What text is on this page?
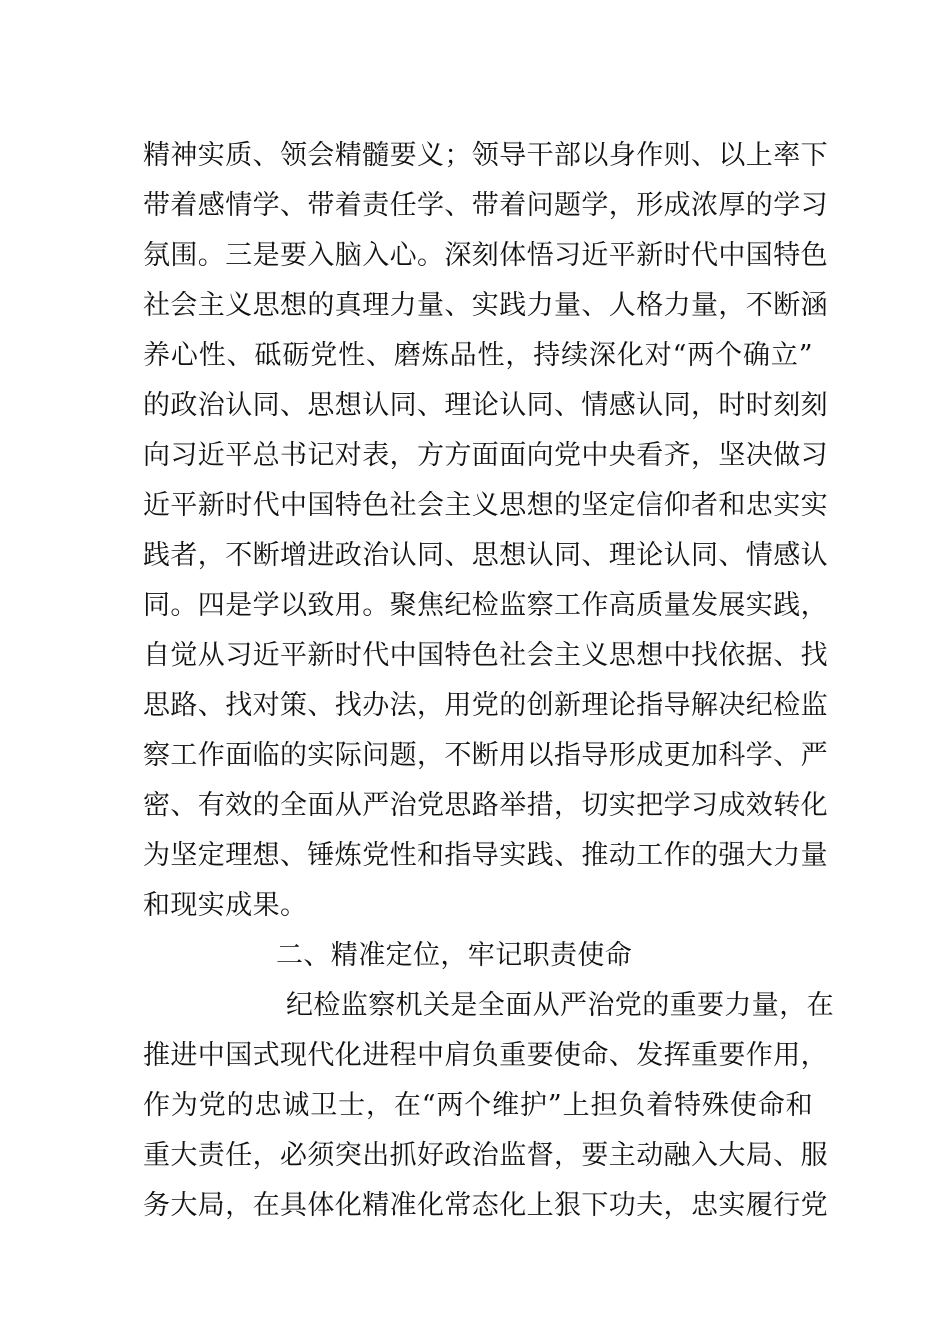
精神实质、领会精髓要义；领导干部以身作则、以上率下
带着感情学、带着责任学、带着问题学，形成浓厚的学习
氛围。三是要入脑入心。深刻体悟习近平新时代中国特色
社会主义思想的真理力量、实践力量、人格力量，不断涵
养心性、砥砺党性、磨炼品性，持续深化对“两个确立”
的政治认同、思想认同、理论认同、情感认同，时时刻刻
向习近平总书记对表，方方面面向党中央看齐，坚决做习
近平新时代中国特色社会主义思想的坚定信仰者和忠实实
践者，不断增进政治认同、思想认同、理论认同、情感认
同。四是学以致用。聚焦纪检监察工作高质量发展实践，
自觉从习近平新时代中国特色社会主义思想中找依据、找
思路、找对策、找办法，用党的创新理论指导解决纪检监
察工作面临的实际问题，不断用以指导形成更加科学、严
密、有效的全面从严治党思路举措，切实把学习成效转化
为坚定理想、锤炼党性和指导实践、推动工作的强大力量
和现实成果。
二、精准定位，牢记职责使命
纪检监察机关是全面从严治党的重要力量，在
推进中国式现代化进程中肩负重要使命、发挥重要作用，
作为党的忠诚卫士，在“两个维护”上担负着特殊使命和
重大责任，必须突出抓好政治监督，要主动融入大局、服
务大局，在具体化精准化常态化上狠下功夫，忠实履行党
